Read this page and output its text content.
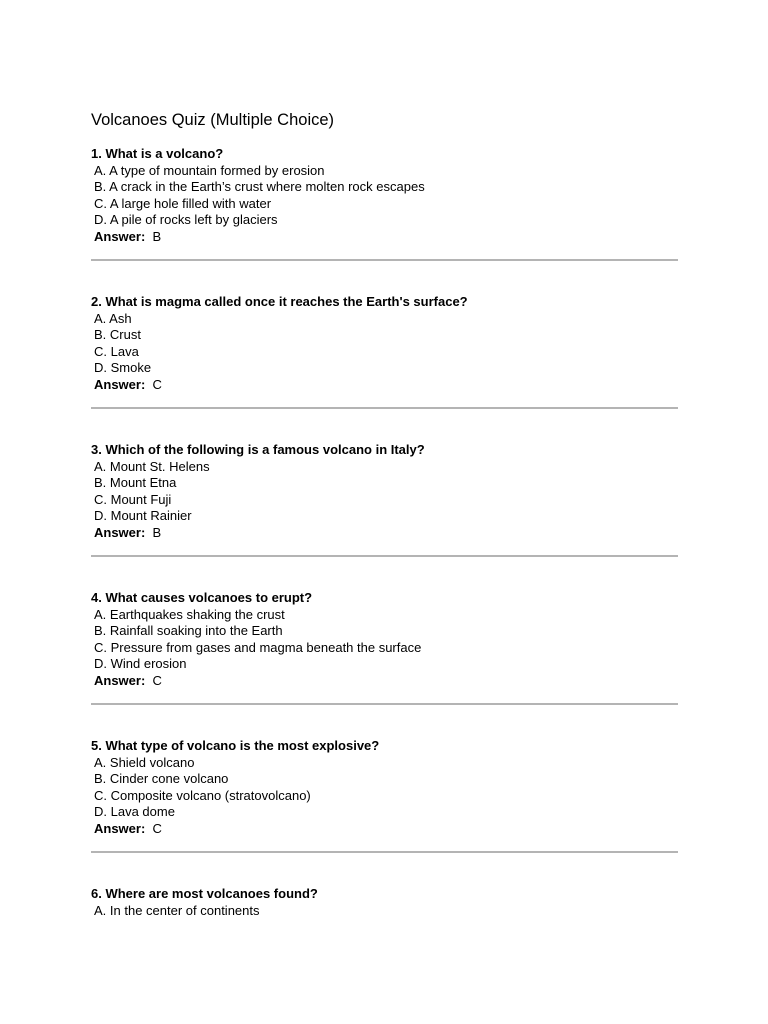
Volcanoes Quiz (Multiple Choice)
1. What is a volcano?
A. A type of mountain formed by erosion
B. A crack in the Earth’s crust where molten rock escapes
C. A large hole filled with water
D. A pile of rocks left by glaciers
Answer:  B
2. What is magma called once it reaches the Earth's surface?
A. Ash
B. Crust
C. Lava
D. Smoke
Answer:  C
3. Which of the following is a famous volcano in Italy?
A. Mount St. Helens
B. Mount Etna
C. Mount Fuji
D. Mount Rainier
Answer:  B
4. What causes volcanoes to erupt?
A. Earthquakes shaking the crust
B. Rainfall soaking into the Earth
C. Pressure from gases and magma beneath the surface
D. Wind erosion
Answer:  C
5. What type of volcano is the most explosive?
A. Shield volcano
B. Cinder cone volcano
C. Composite volcano (stratovolcano)
D. Lava dome
Answer:  C
6. Where are most volcanoes found?
A. In the center of continents
